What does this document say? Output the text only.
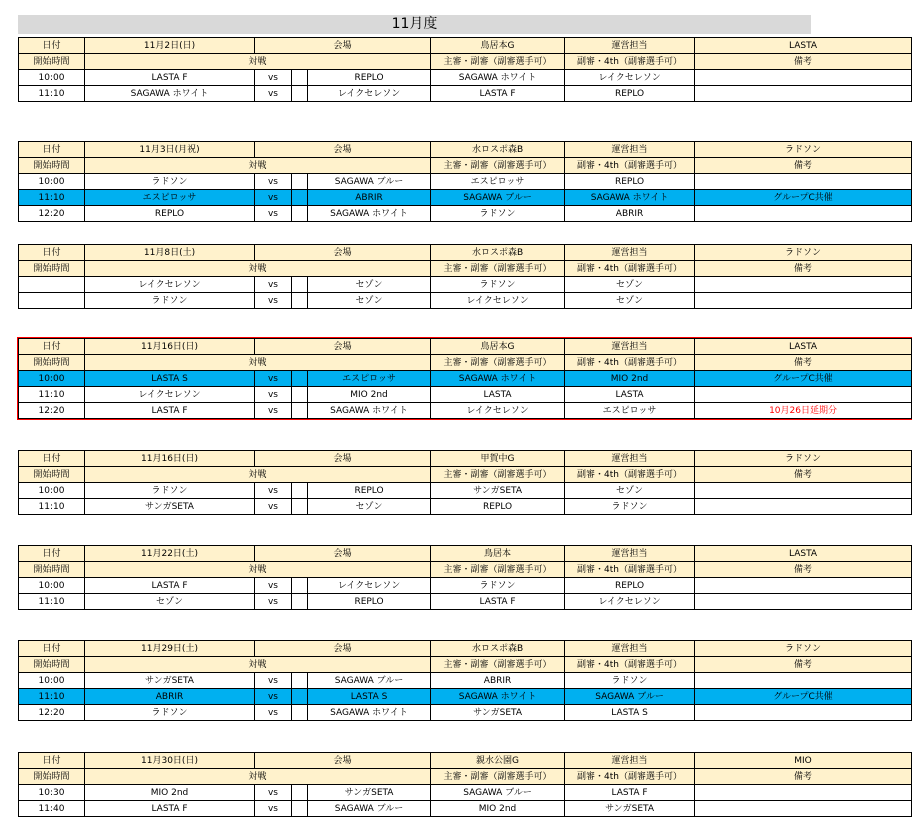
11月度
日付	11月2日(日)	会場			鳥居本G	運営担当	LASTA
開始時間	対戦				主審・副審（副審選手可）	副審・4th（副審選手可）	備考
10:00	LASTA F	vs		REPLO	SAGAWA ホワイト	レイクセレソン	
11:10	SAGAWA ホワイト	vs		レイクセレソン	LASTA F	REPLO	
日付	11月3日(月祝)	会場			水ロスポ森B	運営担当	ラドソン
開始時間	対戦				主審・副審（副審選手可）	副審・4th（副審選手可）	備考
10:00	ラドソン	vs		SAGAWA ブルー	エスピロッサ	REPLO	
11:10	エスピロッサ	vs		ABRIR	SAGAWA ブルー	SAGAWA ホワイト	グループC共催
12:20	REPLO	vs		SAGAWA ホワイト	ラドソン	ABRIR	
日付	11月8日(土)	会場			水ロスポ森B	運営担当	ラドソン
開始時間	対戦				主審・副審（副審選手可）	副審・4th（副審選手可）	備考
	レイクセレソン	vs		セゾン	ラドソン	セゾン	
	ラドソン	vs		セゾン	レイクセレソン	セゾン	
日付	11月16日(日)	会場			鳥居本G	運営担当	LASTA
開始時間	対戦				主審・副審（副審選手可）	副審・4th（副審選手可）	備考
10:00	LASTA S	vs		エスピロッサ	SAGAWA ホワイト	MIO 2nd	グループC共催
11:10	レイクセレソン	vs		MIO 2nd	LASTA	LASTA	
12:20	LASTA F	vs		SAGAWA ホワイト	レイクセレソン	エスピロッサ	10月26日延期分
日付	11月16日(日)	会場			甲賀中G	運営担当	ラドソン
開始時間	対戦				主審・副審（副審選手可）	副審・4th（副審選手可）	備考
10:00	ラドソン	vs		REPLO	サンガSETA	セゾン	
11:10	サンガSETA	vs		セゾン	REPLO	ラドソン	
日付	11月22日(土)	会場			鳥居本	運営担当	LASTA
開始時間	対戦				主審・副審（副審選手可）	副審・4th（副審選手可）	備考
10:00	LASTA F	vs		レイクセレソン	ラドソン	REPLO	
11:10	セゾン	vs		REPLO	LASTA F	レイクセレソン	
日付	11月29日(土)	会場			水ロスポ森B	運営担当	ラドソン
開始時間	対戦				主審・副審（副審選手可）	副審・4th（副審選手可）	備考
10:00	サンガSETA	vs		SAGAWA ブルー	ABRIR	ラドソン	
11:10	ABRIR	vs		LASTA S	SAGAWA ホワイト	SAGAWA ブルー	グループC共催
12:20	ラドソン	vs		SAGAWA ホワイト	サンガSETA	LASTA S	
日付	11月30日(日)	会場			親水公園G	運営担当	MIO
開始時間	対戦				主審・副審（副審選手可）	副審・4th（副審選手可）	備考
10:30	MIO 2nd	vs		サンガSETA	SAGAWA ブルー	LASTA F	
11:40	LASTA F	vs		SAGAWA ブルー	MIO 2nd	サンガSETA	
